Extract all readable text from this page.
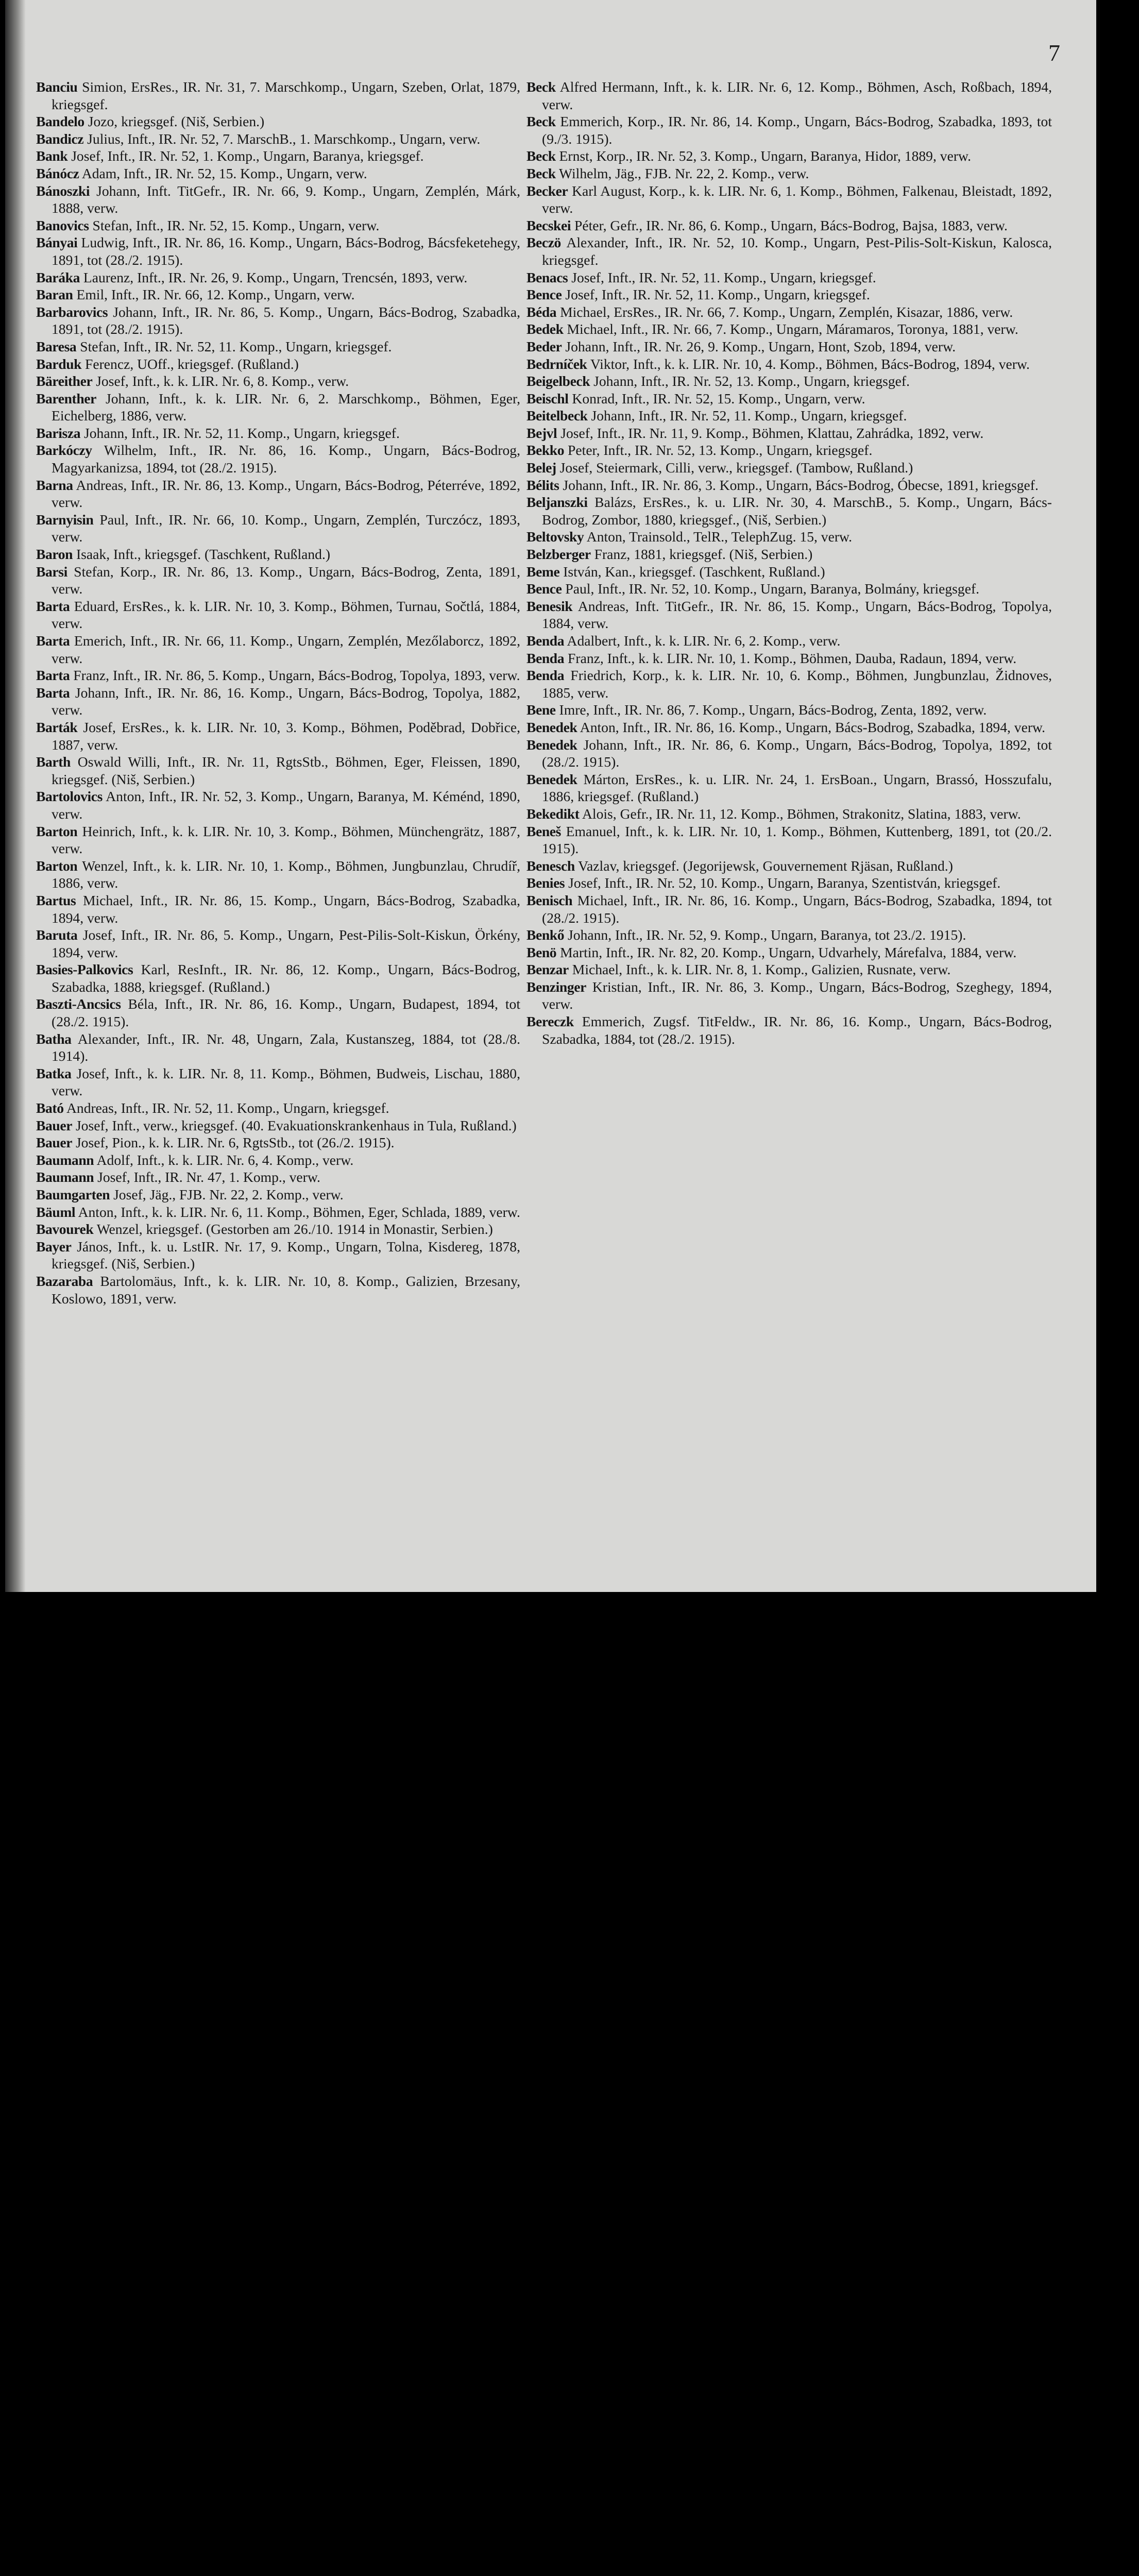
7

Banciu Simion, ErsRes., IR. Nr. 31, 7. Marschkomp., Ungarn, Szeben, Orlat, 1879, kriegsgef.

Bandelo Jozo, kriegsgef. (Niš, Serbien.)

Bandicz Julius, Inft., IR. Nr. 52, 7. MarschB., 1. Marschkomp., Ungarn, verw.

Bank Josef, Inft., IR. Nr. 52, 1. Komp., Ungarn, Baranya, kriegsgef.

Bánócz Adam, Inft., IR. Nr. 52, 15. Komp., Ungarn, verw.

Bánoszki Johann, Inft. TitGefr., IR. Nr. 66, 9. Komp., Ungarn, Zemplén, Márk, 1888, verw.

Banovics Stefan, Inft., IR. Nr. 52, 15. Komp., Ungarn, verw.

Bányai Ludwig, Inft., IR. Nr. 86, 16. Komp., Ungarn, Bács-Bodrog, Bácsfeketehegy, 1891, tot (28./2. 1915).

Baráka Laurenz, Inft., IR. Nr. 26, 9. Komp., Ungarn, Trencsén, 1893, verw.

Baran Emil, Inft., IR. Nr. 66, 12. Komp., Ungarn, verw.

Barbarovics Johann, Inft., IR. Nr. 86, 5. Komp., Ungarn, Bács-Bodrog, Szabadka, 1891, tot (28./2. 1915).

Baresa Stefan, Inft., IR. Nr. 52, 11. Komp., Ungarn, kriegsgef.

Barduk Ferencz, UOff., kriegsgef. (Rußland.)

Bäreither Josef, Inft., k. k. LIR. Nr. 6, 8. Komp., verw.

Barenther Johann, Inft., k. k. LIR. Nr. 6, 2. Marschkomp., Böhmen, Eger, Eichelberg, 1886, verw.

Barisza Johann, Inft., IR. Nr. 52, 11. Komp., Ungarn, kriegsgef.

Barkóczy Wilhelm, Inft., IR. Nr. 86, 16. Komp., Ungarn, Bács-Bodrog, Magyarkanizsa, 1894, tot (28./2. 1915).

Barna Andreas, Inft., IR. Nr. 86, 13. Komp., Ungarn, Bács-Bodrog, Péterréve, 1892, verw.

Barnyisin Paul, Inft., IR. Nr. 66, 10. Komp., Ungarn, Zemplén, Turczócz, 1893, verw.

Baron Isaak, Inft., kriegsgef. (Taschkent, Rußland.)

Barsi Stefan, Korp., IR. Nr. 86, 13. Komp., Ungarn, Bács-Bodrog, Zenta, 1891, verw.

Barta Eduard, ErsRes., k. k. LIR. Nr. 10, 3. Komp., Böhmen, Turnau, Sočtlá, 1884, verw.

Barta Emerich, Inft., IR. Nr. 66, 11. Komp., Ungarn, Zemplén, Mezőlaborcz, 1892, verw.

Barta Franz, Inft., IR. Nr. 86, 5. Komp., Ungarn, Bács-Bodrog, Topolya, 1893, verw.

Barta Johann, Inft., IR. Nr. 86, 16. Komp., Ungarn, Bács-Bodrog, Topolya, 1882, verw.

Barták Josef, ErsRes., k. k. LIR. Nr. 10, 3. Komp., Böhmen, Poděbrad, Dobřice, 1887, verw.

Barth Oswald Willi, Inft., IR. Nr. 11, RgtsStb., Böhmen, Eger, Fleissen, 1890, kriegsgef. (Niš, Serbien.)

Bartolovics Anton, Inft., IR. Nr. 52, 3. Komp., Ungarn, Baranya, M. Kéménd, 1890, verw.

Barton Heinrich, Inft., k. k. LIR. Nr. 10, 3. Komp., Böhmen, Münchengrätz, 1887, verw.

Barton Wenzel, Inft., k. k. LIR. Nr. 10, 1. Komp., Böhmen, Jungbunzlau, Chrudíř, 1886, verw.

Bartus Michael, Inft., IR. Nr. 86, 15. Komp., Ungarn, Bács-Bodrog, Szabadka, 1894, verw.

Baruta Josef, Inft., IR. Nr. 86, 5. Komp., Ungarn, Pest-Pilis-Solt-Kiskun, Örkény, 1894, verw.

Basies-Palkovics Karl, ResInft., IR. Nr. 86, 12. Komp., Ungarn, Bács-Bodrog, Szabadka, 1888, kriegsgef. (Rußland.)

Baszti-Ancsics Béla, Inft., IR. Nr. 86, 16. Komp., Ungarn, Budapest, 1894, tot (28./2. 1915).

Batha Alexander, Inft., IR. Nr. 48, Ungarn, Zala, Kustanszeg, 1884, tot (28./8. 1914).

Batka Josef, Inft., k. k. LIR. Nr. 8, 11. Komp., Böhmen, Budweis, Lischau, 1880, verw.

Bató Andreas, Inft., IR. Nr. 52, 11. Komp., Ungarn, kriegsgef.

Bauer Josef, Inft., verw., kriegsgef. (40. Evakuationskrankenhaus in Tula, Rußland.)

Bauer Josef, Pion., k. k. LIR. Nr. 6, RgtsStb., tot (26./2. 1915).

Baumann Adolf, Inft., k. k. LIR. Nr. 6, 4. Komp., verw.

Baumann Josef, Inft., IR. Nr. 47, 1. Komp., verw.

Baumgarten Josef, Jäg., FJB. Nr. 22, 2. Komp., verw.

Bäuml Anton, Inft., k. k. LIR. Nr. 6, 11. Komp., Böhmen, Eger, Schlada, 1889, verw.

Bavourek Wenzel, kriegsgef. (Gestorben am 26./10. 1914 in Monastir, Serbien.)

Bayer János, Inft., k. u. LstIR. Nr. 17, 9. Komp., Ungarn, Tolna, Kisdereg, 1878, kriegsgef. (Niš, Serbien.)

Bazaraba Bartolomäus, Inft., k. k. LIR. Nr. 10, 8. Komp., Galizien, Brzesany, Koslowo, 1891, verw.

Beck Alfred Hermann, Inft., k. k. LIR. Nr. 6, 12. Komp., Böhmen, Asch, Roßbach, 1894, verw.

Beck Emmerich, Korp., IR. Nr. 86, 14. Komp., Ungarn, Bács-Bodrog, Szabadka, 1893, tot (9./3. 1915).

Beck Ernst, Korp., IR. Nr. 52, 3. Komp., Ungarn, Baranya, Hidor, 1889, verw.

Beck Wilhelm, Jäg., FJB. Nr. 22, 2. Komp., verw.

Becker Karl August, Korp., k. k. LIR. Nr. 6, 1. Komp., Böhmen, Falkenau, Bleistadt, 1892, verw.

Becskei Péter, Gefr., IR. Nr. 86, 6. Komp., Ungarn, Bács-Bodrog, Bajsa, 1883, verw.

Beczö Alexander, Inft., IR. Nr. 52, 10. Komp., Ungarn, Pest-Pilis-Solt-Kiskun, Kalosca, kriegsgef.

Benacs Josef, Inft., IR. Nr. 52, 11. Komp., Ungarn, kriegsgef.

Bence Josef, Inft., IR. Nr. 52, 11. Komp., Ungarn, kriegsgef.

Béda Michael, ErsRes., IR. Nr. 66, 7. Komp., Ungarn, Zemplén, Kisazar, 1886, verw.

Bedek Michael, Inft., IR. Nr. 66, 7. Komp., Ungarn, Máramaros, Toronya, 1881, verw.

Beder Johann, Inft., IR. Nr. 26, 9. Komp., Ungarn, Hont, Szob, 1894, verw.

Bedrníček Viktor, Inft., k. k. LIR. Nr. 10, 4. Komp., Böhmen, Bács-Bodrog, 1894, verw.

Beigelbeck Johann, Inft., IR. Nr. 52, 13. Komp., Ungarn, kriegsgef.

Beischl Konrad, Inft., IR. Nr. 52, 15. Komp., Ungarn, verw.

Beitelbeck Johann, Inft., IR. Nr. 52, 11. Komp., Ungarn, kriegsgef.

Bejvl Josef, Inft., IR. Nr. 11, 9. Komp., Böhmen, Klattau, Zahrádka, 1892, verw.

Bekko Peter, Inft., IR. Nr. 52, 13. Komp., Ungarn, kriegsgef.

Belej Josef, Steiermark, Cilli, verw., kriegsgef. (Tambow, Rußland.)

Bélits Johann, Inft., IR. Nr. 86, 3. Komp., Ungarn, Bács-Bodrog, Óbecse, 1891, kriegsgef.

Beljanszki Balázs, ErsRes., k. u. LIR. Nr. 30, 4. MarschB., 5. Komp., Ungarn, Bács-Bodrog, Zombor, 1880, kriegsgef., (Niš, Serbien.)

Beltovsky Anton, Trainsold., TelR., TelephZug. 15, verw.

Belzberger Franz, 1881, kriegsgef. (Niš, Serbien.)

Beme István, Kan., kriegsgef. (Taschkent, Rußland.)

Bence Paul, Inft., IR. Nr. 52, 10. Komp., Ungarn, Baranya, Bolmány, kriegsgef.

Benesik Andreas, Inft. TitGefr., IR. Nr. 86, 15. Komp., Ungarn, Bács-Bodrog, Topolya, 1884, verw.

Benda Adalbert, Inft., k. k. LIR. Nr. 6, 2. Komp., verw.

Benda Franz, Inft., k. k. LIR. Nr. 10, 1. Komp., Böhmen, Dauba, Radaun, 1894, verw.

Benda Friedrich, Korp., k. k. LIR. Nr. 10, 6. Komp., Böhmen, Jungbunzlau, Židnoves, 1885, verw.

Bene Imre, Inft., IR. Nr. 86, 7. Komp., Ungarn, Bács-Bodrog, Zenta, 1892, verw.

Benedek Anton, Inft., IR. Nr. 86, 16. Komp., Ungarn, Bács-Bodrog, Szabadka, 1894, verw.

Benedek Johann, Inft., IR. Nr. 86, 6. Komp., Ungarn, Bács-Bodrog, Topolya, 1892, tot (28./2. 1915).

Benedek Márton, ErsRes., k. u. LIR. Nr. 24, 1. ErsBoan., Ungarn, Brassó, Hosszufalu, 1886, kriegsgef. (Rußland.)

Bekedikt Alois, Gefr., IR. Nr. 11, 12. Komp., Böhmen, Strakonitz, Slatina, 1883, verw.

Beneš Emanuel, Inft., k. k. LIR. Nr. 10, 1. Komp., Böhmen, Kuttenberg, 1891, tot (20./2. 1915).

Benesch Vazlav, kriegsgef. (Jegorijewsk, Gouvernement Rjäsan, Rußland.)

Benies Josef, Inft., IR. Nr. 52, 10. Komp., Ungarn, Baranya, Szentistván, kriegsgef.

Benisch Michael, Inft., IR. Nr. 86, 16. Komp., Ungarn, Bács-Bodrog, Szabadka, 1894, tot (28./2. 1915).

Benkő Johann, Inft., IR. Nr. 52, 9. Komp., Ungarn, Baranya, tot 23./2. 1915).

Benö Martin, Inft., IR. Nr. 82, 20. Komp., Ungarn, Udvarhely, Márefalva, 1884, verw.

Benzar Michael, Inft., k. k. LIR. Nr. 8, 1. Komp., Galizien, Rusnate, verw.

Benzinger Kristian, Inft., IR. Nr. 86, 3. Komp., Ungarn, Bács-Bodrog, Szeghegy, 1894, verw.

Bereczk Emmerich, Zugsf. TitFeldw., IR. Nr. 86, 16. Komp., Ungarn, Bács-Bodrog, Szabadka, 1884, tot (28./2. 1915).
